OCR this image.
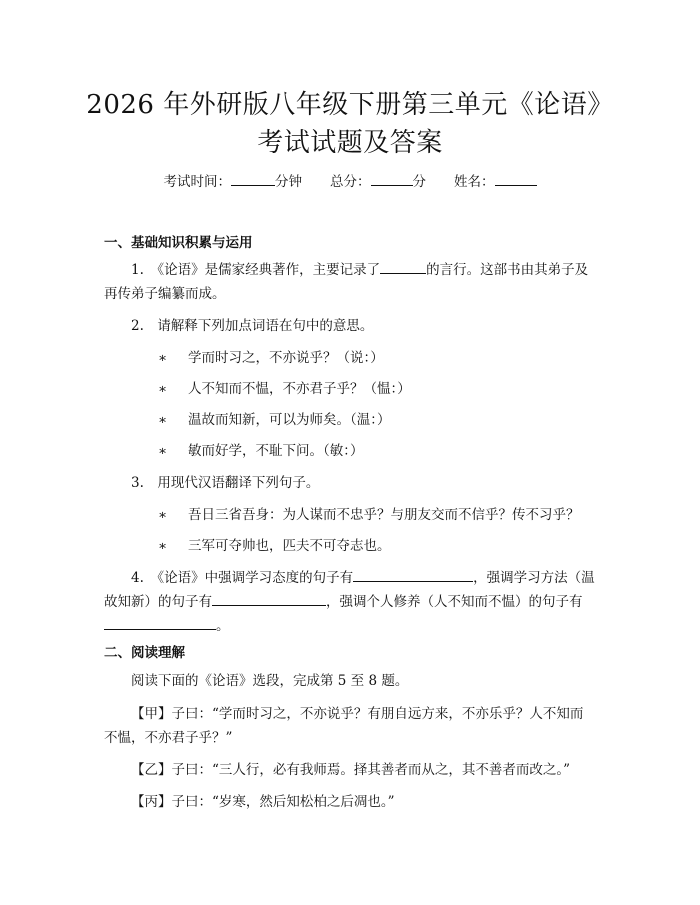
2026 年外研版八年级下册第三单元《论语》
考试试题及答案
考试时间：	分钟 总分：	分 姓名：
一、基础知识积累与运用
1.　《论语》是儒家经典著作，主要记录了	的言行。这部书由其弟子及再传弟子编纂而成。
2.　请解释下列加点词语在句中的意思。
∗ 学而时习之，不亦说乎？（说：）
∗ 人不知而不愠，不亦君子乎？（愠：）
∗ 温故而知新，可以为师矣。（温：）
∗ 敏而好学，不耻下问。（敏：）
3.　用现代汉语翻译下列句子。
∗ 吾日三省吾身：为人谋而不忠乎？与朋友交而不信乎？传不习乎？
∗ 三军可夺帅也，匹夫不可夺志也。
4.　《论语》中强调学习态度的句子有	，强调学习方法（温故知新）的句子有	，强调个人修养（人不知而不愠）的句子有。
二、阅读理解
阅读下面的《论语》选段，完成第 5 至 8 题。
【甲】子曰：“学而时习之，不亦说乎？有朋自远方来，不亦乐乎？人不知而不愠，不亦君子乎？”
【乙】子曰：“三人行，必有我师焉。择其善者而从之，其不善者而改之。”
【丙】子曰：“岁寒，然后知松柏之后凋也。”
